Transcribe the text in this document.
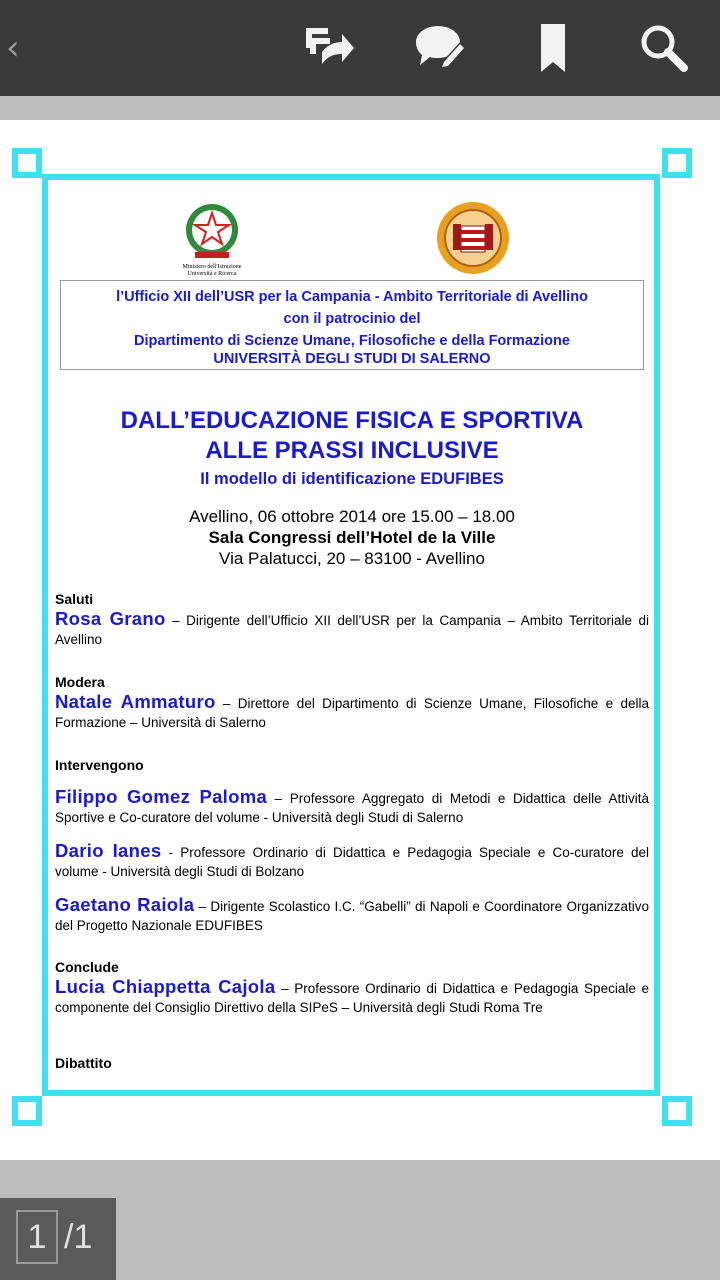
‹
Ministero dell'Istruzione
Università e Ricerca
l’Ufficio XII dell’USR per la Campania - Ambito Territoriale di Avellino
con il patrocinio del
Dipartimento di Scienze Umane, Filosofiche e della Formazione
UNIVERSITÀ DEGLI STUDI DI SALERNO
DALL’EDUCAZIONE FISICA E SPORTIVA
ALLE PRASSI INCLUSIVE
Il modello di identificazione EDUFIBES
Avellino, 06 ottobre 2014 ore 15.00 – 18.00
Sala Congressi dell’Hotel de la Ville
Via Palatucci, 20 – 83100 - Avellino
Saluti
Rosa Grano – Dirigente dell’Ufficio XII dell’USR per la Campania – Ambito Territoriale di Avellino
Modera
Natale Ammaturo – Direttore del Dipartimento di Scienze Umane, Filosofiche e della Formazione – Università di Salerno
Intervengono
Filippo Gomez Paloma – Professore Aggregato di Metodi e Didattica delle Attività Sportive e Co-curatore del volume - Università degli Studi di Salerno
Dario Ianes - Professore Ordinario di Didattica e Pedagogia Speciale e Co-curatore del volume - Università degli Studi di Bolzano
Gaetano Raiola – Dirigente Scolastico I.C. “Gabelli” di Napoli e Coordinatore Organizzativo del Progetto Nazionale EDUFIBES
Conclude
Lucia Chiappetta Cajola – Professore Ordinario di Didattica e Pedagogia Speciale e componente del Consiglio Direttivo della SIPeS – Università degli Studi Roma Tre
Dibattito
1 /1
